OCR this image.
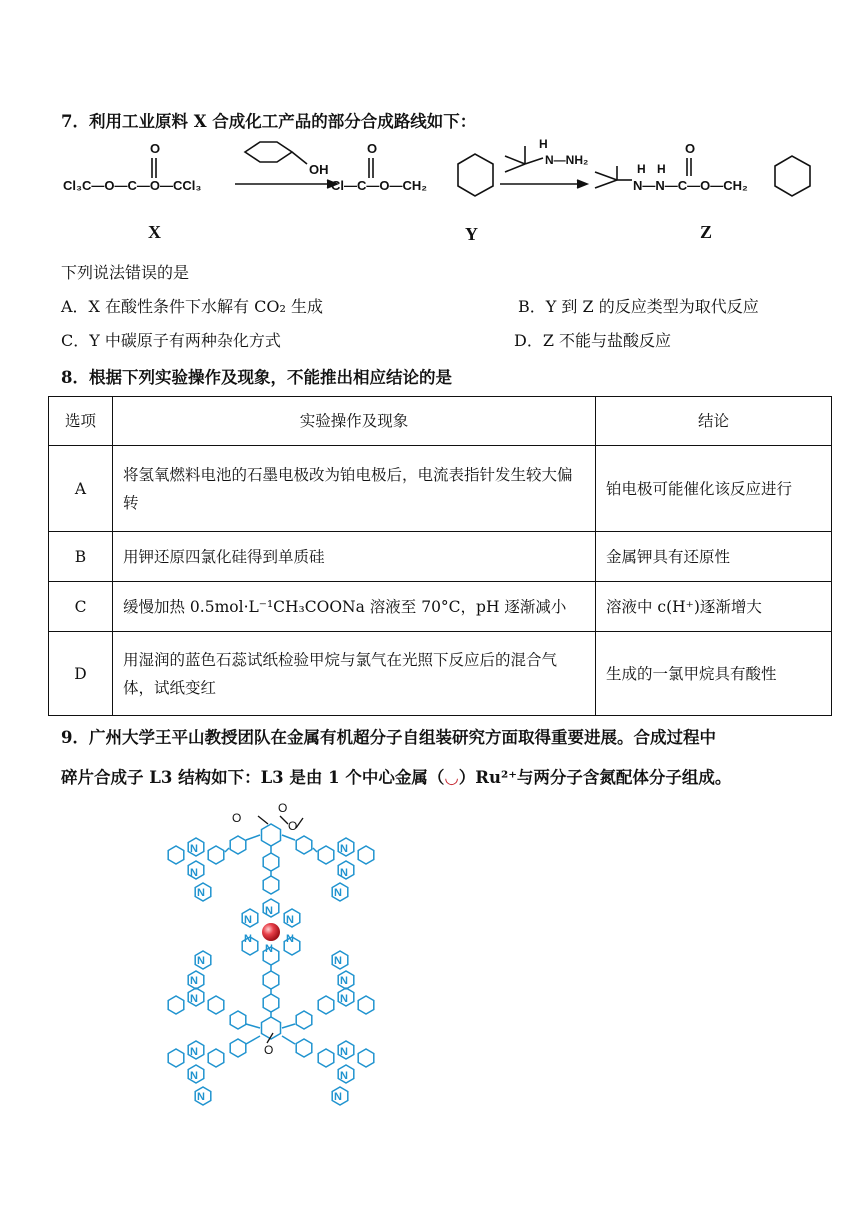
7．利用工业原料 X 合成化工产品的部分合成路线如下：
O
Cl₃C—O—C—O—CCl₃
OH
O
Cl—C—O—CH₂
H
N—NH₂
H H
O
N—N—C—O—CH₂
X	Y	Z
下列说法错误的是
A．X 在酸性条件下水解有 CO₂ 生成	B．Y 到 Z 的反应类型为取代反应
C．Y 中碳原子有两种杂化方式	D．Z 不能与盐酸反应
8．根据下列实验操作及现象，不能推出相应结论的是
选项	实验操作及现象	结论
A	将氢氧燃料电池的石墨电极改为铂电极后，电流表指针发生较大偏转	铂电极可能催化该反应进行
B	用钾还原四氯化硅得到单质硅	金属钾具有还原性
C	缓慢加热 0.5mol·L⁻¹CH₃COONa 溶液至 70°C，pH 逐渐减小	溶液中 c(H⁺)逐渐增大
D	用湿润的蓝色石蕊试纸检验甲烷与氯气在光照下反应后的混合气体，试纸变红	生成的一氯甲烷具有酸性
9．广州大学王平山教授团队在金属有机超分子自组装研究方面取得重要进展。合成过程中
碎片合成子 L3 结构如下：L3 是由 1 个中心金属（◡）Ru²⁺与两分子含氮配体分子组成。
N
N
N
N
N
N
N
N	N
N
N	N
N
N
N
N
N
N
N
N
N
N
N
N
O
O
O
O
